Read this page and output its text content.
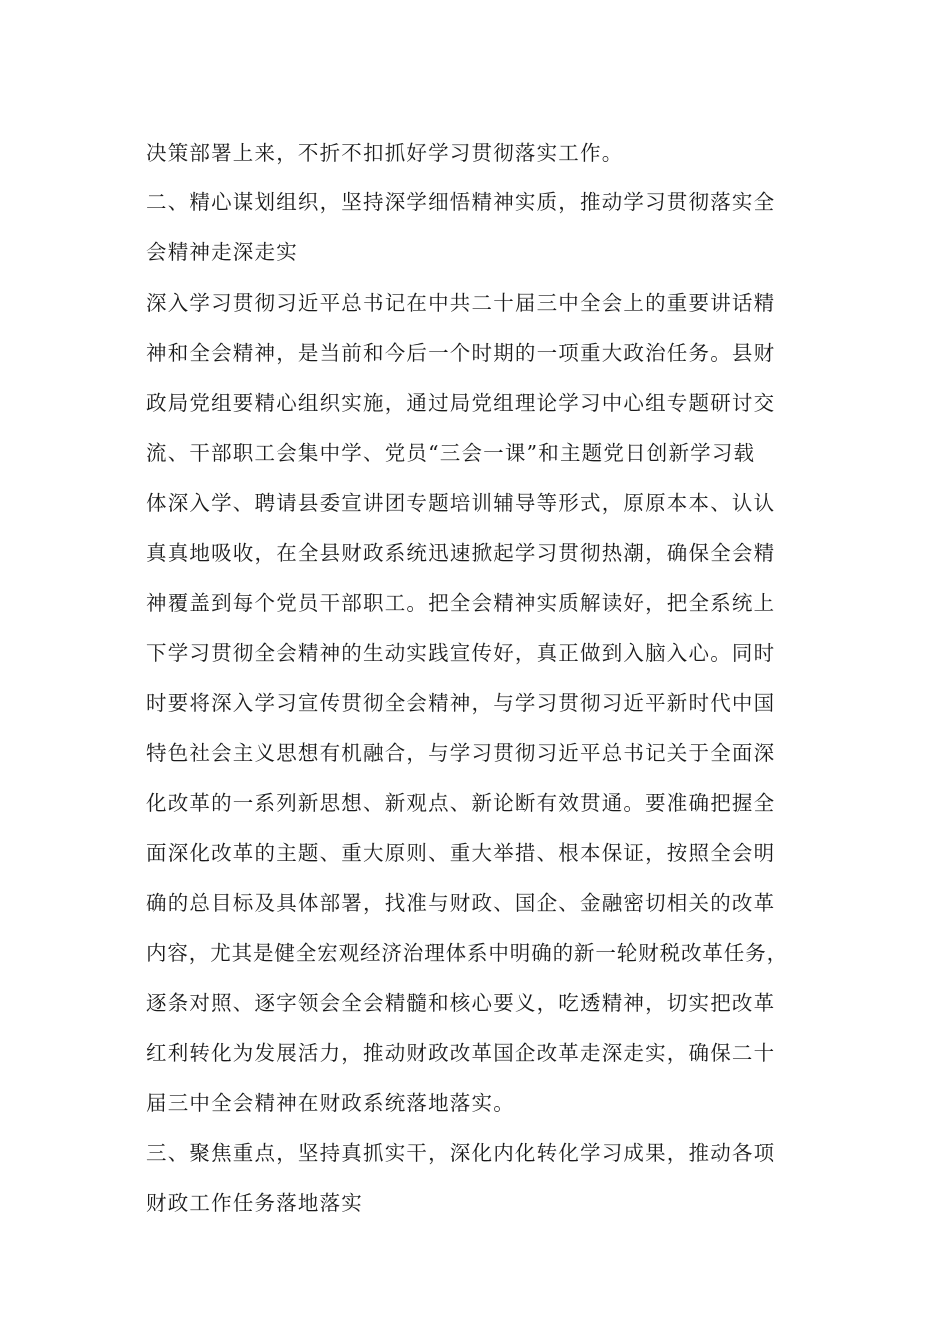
决策部署上来，不折不扣抓好学习贯彻落实工作。
二、精心谋划组织，坚持深学细悟精神实质，推动学习贯彻落实全
会精神走深走实
深入学习贯彻习近平总书记在中共二十届三中全会上的重要讲话精
神和全会精神，是当前和今后一个时期的一项重大政治任务。县财
政局党组要精心组织实施，通过局党组理论学习中心组专题研讨交
流、干部职工会集中学、党员“三会一课”和主题党日创新学习载
体深入学、聘请县委宣讲团专题培训辅导等形式，原原本本、认认
真真地吸收，在全县财政系统迅速掀起学习贯彻热潮，确保全会精
神覆盖到每个党员干部职工。把全会精神实质解读好，把全系统上
下学习贯彻全会精神的生动实践宣传好，真正做到入脑入心。同时
时要将深入学习宣传贯彻全会精神，与学习贯彻习近平新时代中国
特色社会主义思想有机融合，与学习贯彻习近平总书记关于全面深
化改革的一系列新思想、新观点、新论断有效贯通。要准确把握全
面深化改革的主题、重大原则、重大举措、根本保证，按照全会明
确的总目标及具体部署，找准与财政、国企、金融密切相关的改革
内容，尤其是健全宏观经济治理体系中明确的新一轮财税改革任务，
逐条对照、逐字领会全会精髓和核心要义，吃透精神，切实把改革
红利转化为发展活力，推动财政改革国企改革走深走实，确保二十
届三中全会精神在财政系统落地落实。
三、聚焦重点，坚持真抓实干，深化内化转化学习成果，推动各项
财政工作任务落地落实
